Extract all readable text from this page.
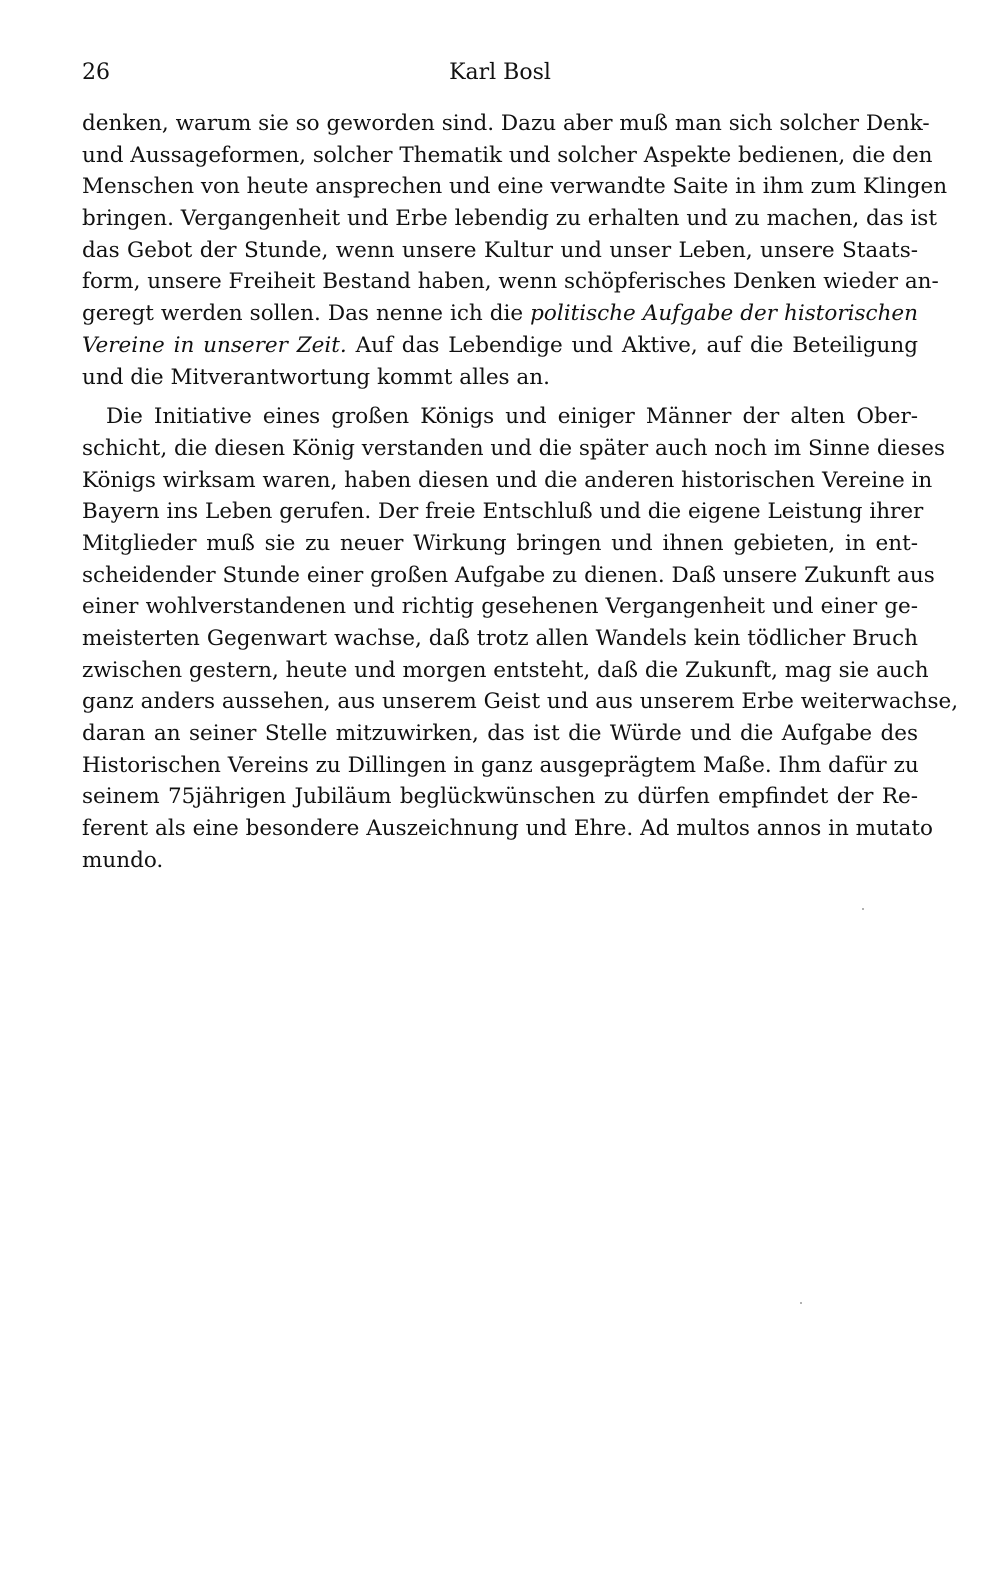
26	Karl Bosl
denken, warum sie so geworden sind. Dazu aber muß man sich solcher Denk-
und Aussageformen, solcher Thematik und solcher Aspekte bedienen, die den
Menschen von heute ansprechen und eine verwandte Saite in ihm zum Klingen
bringen. Vergangenheit und Erbe lebendig zu erhalten und zu machen, das ist
das Gebot der Stunde, wenn unsere Kultur und unser Leben, unsere Staats-
form, unsere Freiheit Bestand haben, wenn schöpferisches Denken wieder an-
geregt werden sollen. Das nenne ich die politische Aufgabe der historischen
Vereine in unserer Zeit. Auf das Lebendige und Aktive, auf die Beteiligung
und die Mitverantwortung kommt alles an.
Die Initiative eines großen Königs und einiger Männer der alten Ober-
schicht, die diesen König verstanden und die später auch noch im Sinne dieses
Königs wirksam waren, haben diesen und die anderen historischen Vereine in
Bayern ins Leben gerufen. Der freie Entschluß und die eigene Leistung ihrer
Mitglieder muß sie zu neuer Wirkung bringen und ihnen gebieten, in ent-
scheidender Stunde einer großen Aufgabe zu dienen. Daß unsere Zukunft aus
einer wohlverstandenen und richtig gesehenen Vergangenheit und einer ge-
meisterten Gegenwart wachse, daß trotz allen Wandels kein tödlicher Bruch
zwischen gestern, heute und morgen entsteht, daß die Zukunft, mag sie auch
ganz anders aussehen, aus unserem Geist und aus unserem Erbe weiterwachse,
daran an seiner Stelle mitzuwirken, das ist die Würde und die Aufgabe des
Historischen Vereins zu Dillingen in ganz ausgeprägtem Maße. Ihm dafür zu
seinem 75jährigen Jubiläum beglückwünschen zu dürfen empfindet der Re-
ferent als eine besondere Auszeichnung und Ehre. Ad multos annos in mutato
mundo.
